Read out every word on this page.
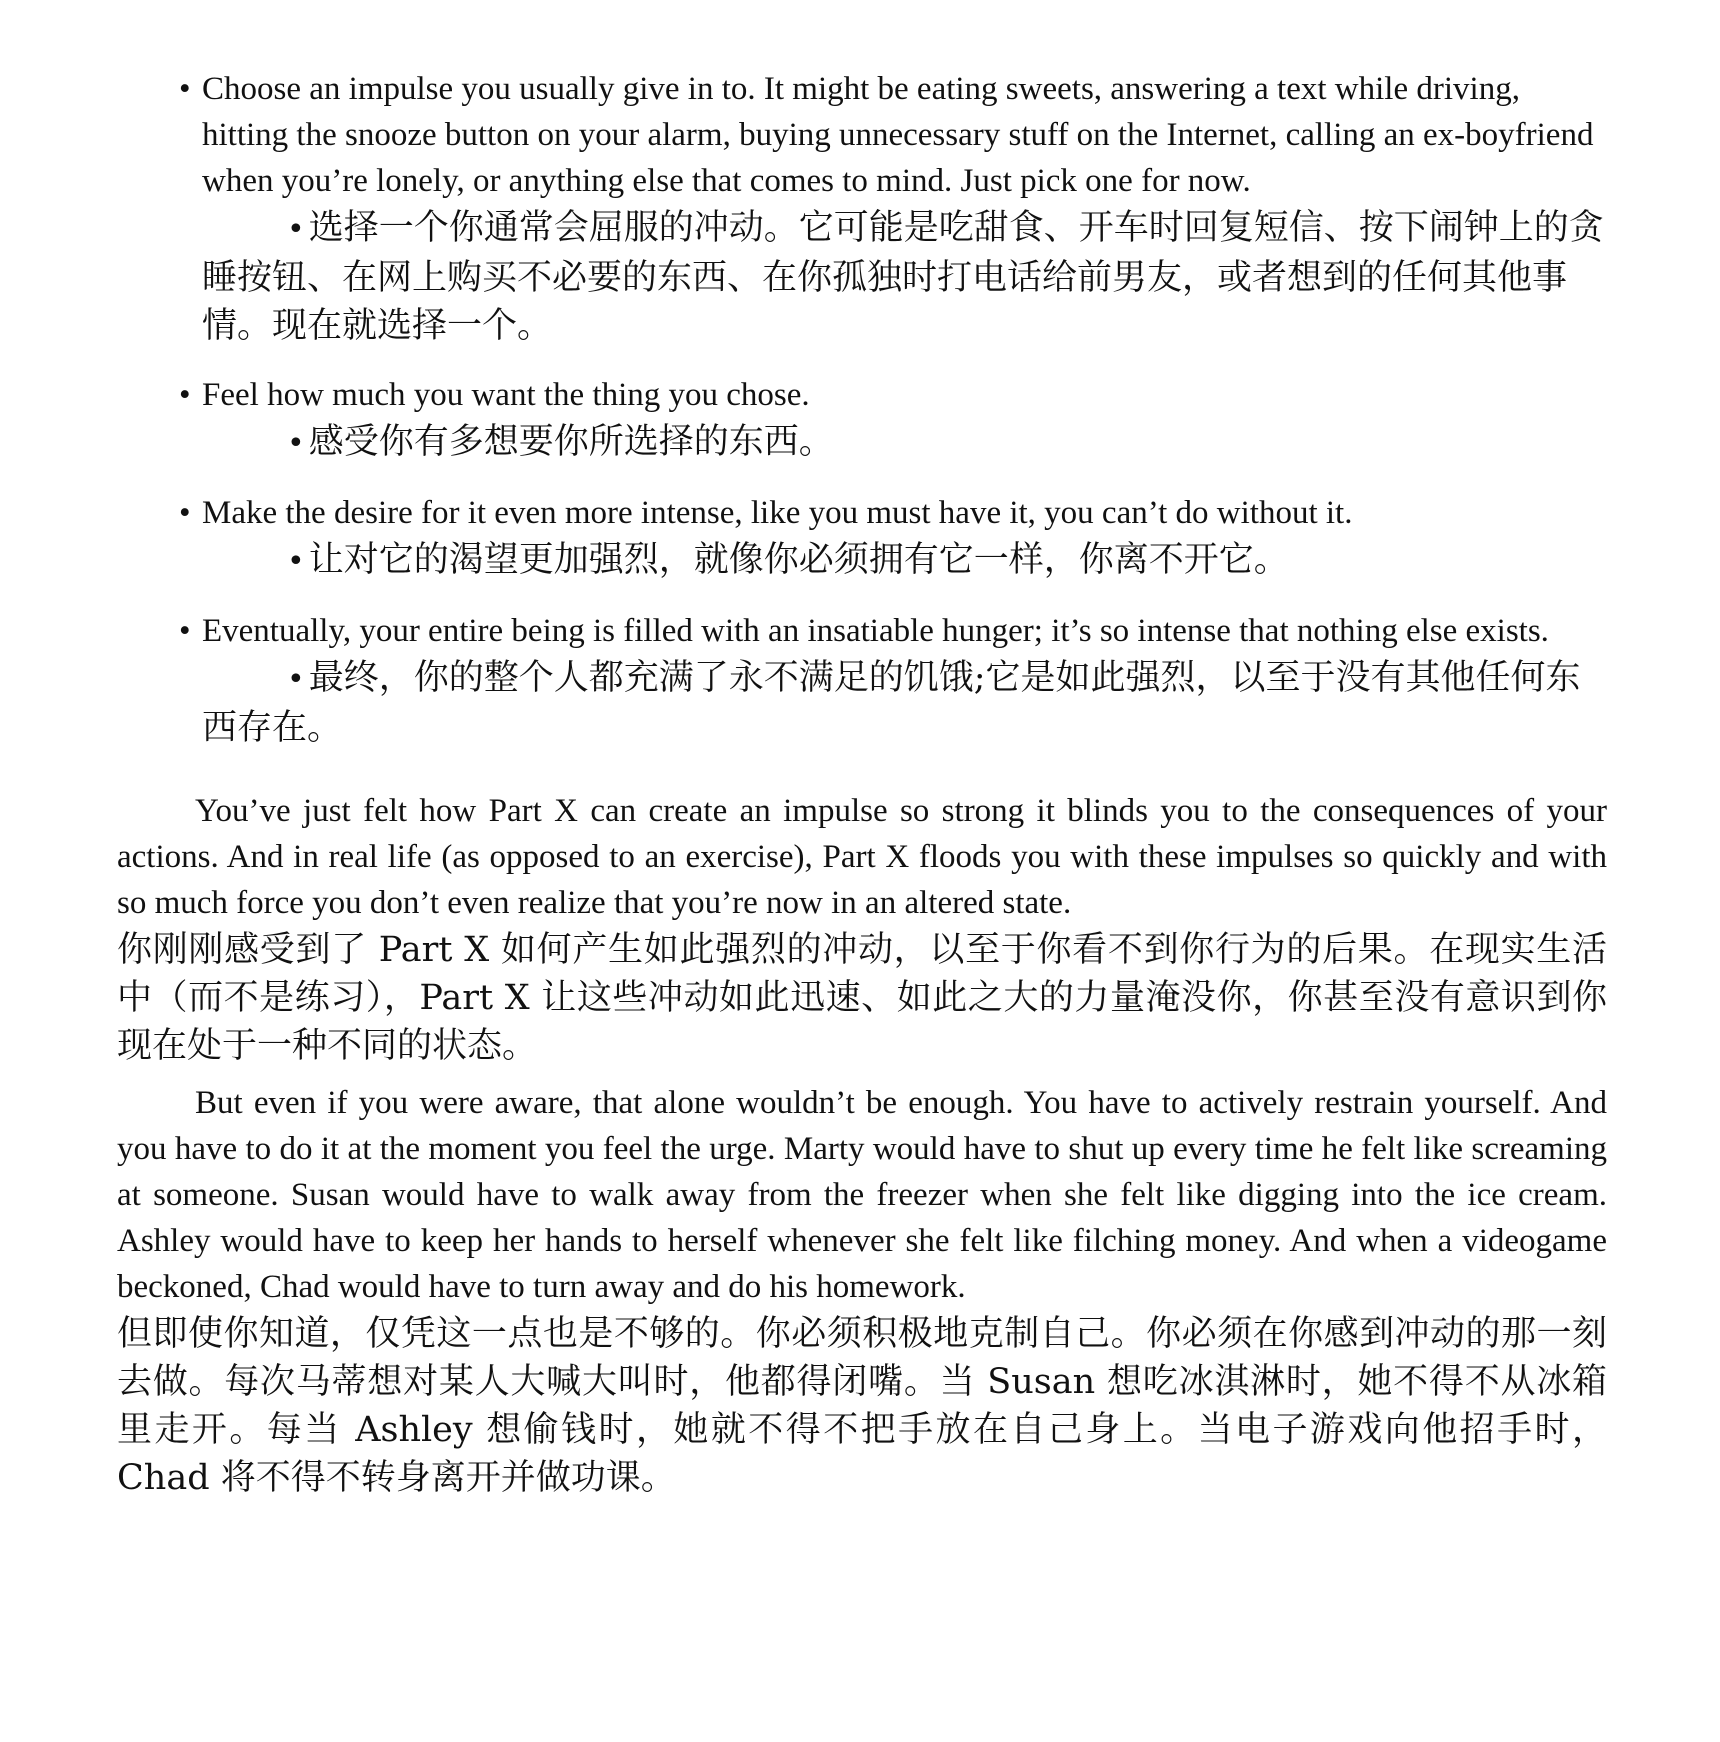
• Choose an impulse you usually give in to. It might be eating sweets, answering a text while driving, hitting the snooze button on your alarm, buying unnecessary stuff on the Internet, calling an ex-boyfriend when you’re lonely, or anything else that comes to mind. Just pick one for now.
• 选择一个你通常会屈服的冲动。它可能是吃甜食、开车时回复短信、按下闹钟上的贪睡按钮、在网上购买不必要的东西、在你孤独时打电话给前男友，或者想到的任何其他事情。现在就选择一个。
• Feel how much you want the thing you chose.
• 感受你有多想要你所选择的东西。
• Make the desire for it even more intense, like you must have it, you can’t do without it.
• 让对它的渴望更加强烈，就像你必须拥有它一样，你离不开它。
• Eventually, your entire being is filled with an insatiable hunger; it’s so intense that nothing else exists.
• 最终，你的整个人都充满了永不满足的饥饿;它是如此强烈，以至于没有其他任何东西存在。

You’ve just felt how Part X can create an impulse so strong it blinds you to the consequences of your actions. And in real life (as opposed to an exercise), Part X floods you with these impulses so quickly and with so much force you don’t even realize that you’re now in an altered state.

你刚刚感受到了 Part X 如何产生如此强烈的冲动，以至于你看不到你行为的后果。在现实生活中（而不是练习），Part X 让这些冲动如此迅速、如此之大的力量淹没你，你甚至没有意识到你现在处于一种不同的状态。

But even if you were aware, that alone wouldn’t be enough. You have to actively restrain yourself. And you have to do it at the moment you feel the urge. Marty would have to shut up every time he felt like screaming at someone. Susan would have to walk away from the freezer when she felt like digging into the ice cream. Ashley would have to keep her hands to herself whenever she felt like filching money. And when a videogame beckoned, Chad would have to turn away and do his homework.

但即使你知道，仅凭这一点也是不够的。你必须积极地克制自己。你必须在你感到冲动的那一刻去做。每次马蒂想对某人大喊大叫时，他都得闭嘴。当 Susan 想吃冰淇淋时，她不得不从冰箱里走开。每当 Ashley 想偷钱时，她就不得不把手放在自己身上。当电子游戏向他招手时，Chad 将不得不转身离开并做功课。
